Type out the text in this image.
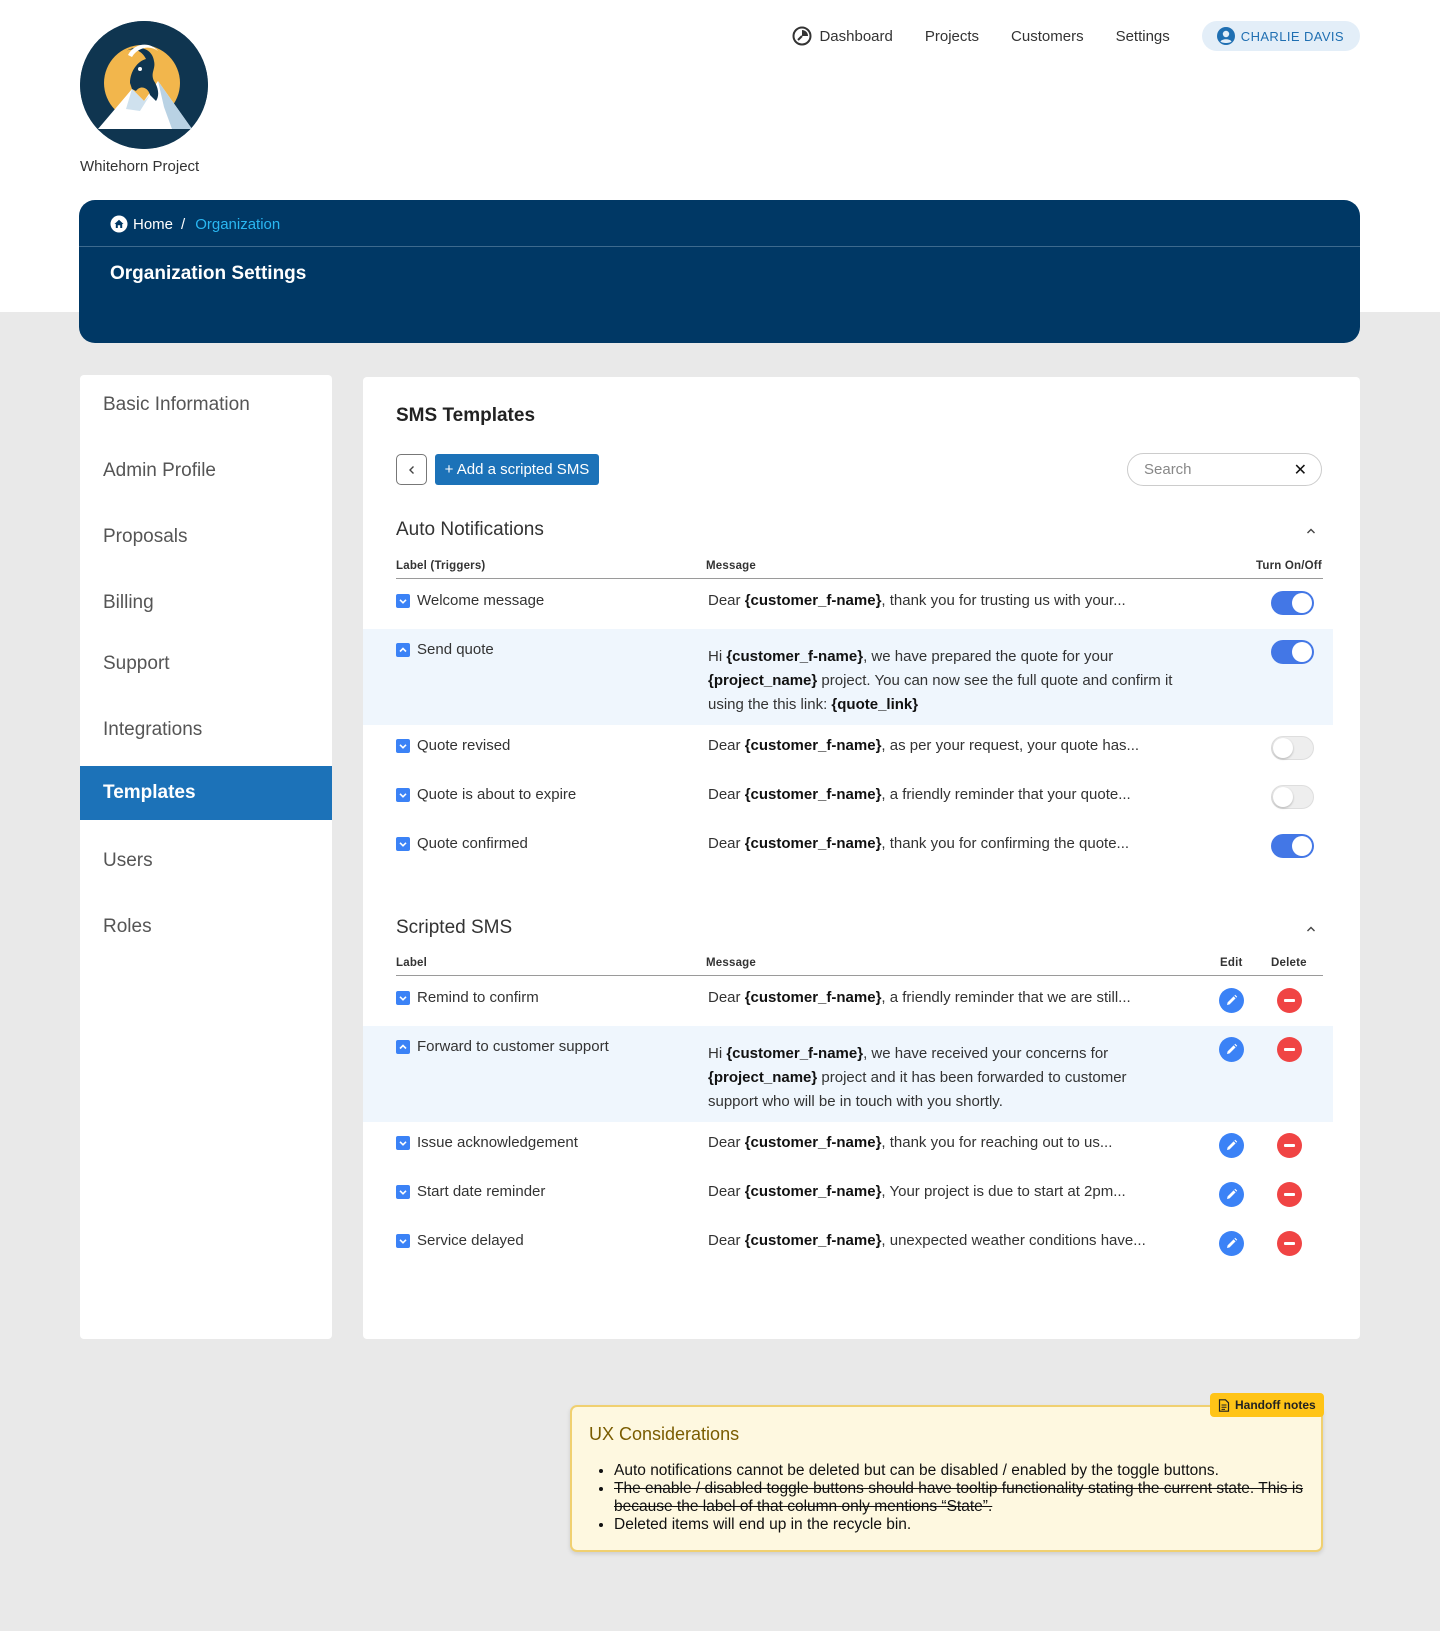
Whitehorn Project
Dashboard Projects Customers Settings	CHARLIE DAVIS
Home / Organization
Organization Settings
Basic Information
Admin Profile
Proposals
Billing
Support
Integrations
Templates
Users
Roles
SMS Templates
+ Add a scripted SMS
Search	✕
Auto Notifications
Label (Triggers)	Message	Turn On/Off
Welcome message	Dear {customer_f-name}, thank you for trusting us with your...
Send quote	Hi {customer_f-name}, we have prepared the quote for your {project_name} project. You can now see the full quote and confirm it using the this link: {quote_link}
Quote revised	Dear {customer_f-name}, as per your request, your quote has...
Quote is about to expire	Dear {customer_f-name}, a friendly reminder that your quote...
Quote confirmed	Dear {customer_f-name}, thank you for confirming the quote...
Scripted SMS
Label	Message	Edit Delete
Remind to confirm	Dear {customer_f-name}, a friendly reminder that we are still...
Forward to customer support	Hi {customer_f-name}, we have received your concerns for {project_name} project and it has been forwarded to customer support who will be in touch with you shortly.
Issue acknowledgement	Dear {customer_f-name}, thank you for reaching out to us...
Start date reminder	Dear {customer_f-name}, Your project is due to start at 2pm...
Service delayed	Dear {customer_f-name}, unexpected weather conditions have...
UX Considerations
• Auto notifications cannot be deleted but can be disabled / enabled by the toggle buttons.
• The enable / disabled toggle buttons should have tooltip functionality stating the current state. This is because the label of that column only mentions “State”.
• Deleted items will end up in the recycle bin.
Handoff notes
